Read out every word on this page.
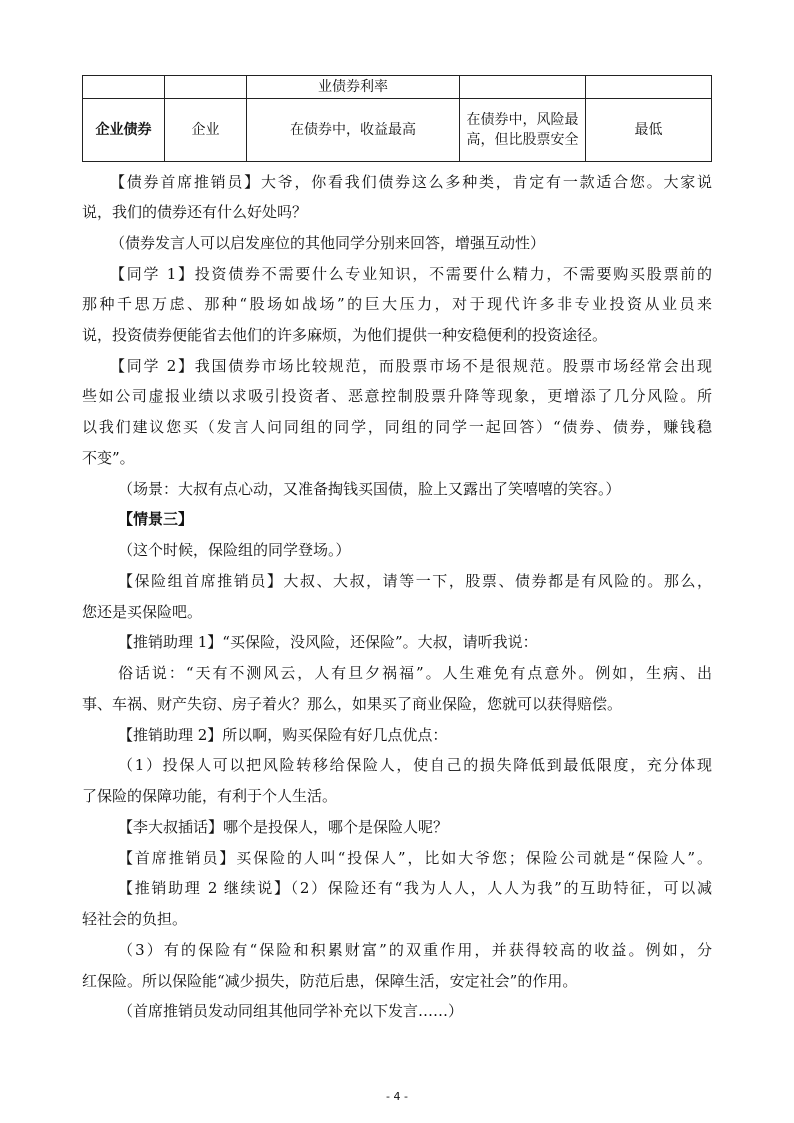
		业债券利率		
企业债券	企业	在债券中，收益最高	在债券中，风险最高，但比股票安全	最低
【债券首席推销员】大爷，你看我们债券这么多种类，肯定有一款适合您。大家说
说，我们的债券还有什么好处吗？
（债券发言人可以启发座位的其他同学分别来回答，增强互动性）
【同学 1】投资债券不需要什么专业知识，不需要什么精力，不需要购买股票前的
那种千思万虑、那种“股场如战场”的巨大压力，对于现代许多非专业投资从业员来
说，投资债券便能省去他们的许多麻烦，为他们提供一种安稳便利的投资途径。
【同学 2】我国债券市场比较规范，而股票市场不是很规范。股票市场经常会出现
些如公司虚报业绩以求吸引投资者、恶意控制股票升降等现象，更增添了几分风险。所
以我们建议您买（发言人问同组的同学，同组的同学一起回答）“债券、债券，赚钱稳
不变”。
（场景：大叔有点心动，又准备掏钱买国债，脸上又露出了笑嘻嘻的笑容。）
【情景三】
（这个时候，保险组的同学登场。）
【保险组首席推销员】大叔、大叔，请等一下，股票、债券都是有风险的。那么，
您还是买保险吧。
【推销助理 1】“买保险，没风险，还保险”。大叔，请听我说：
俗话说：“天有不测风云，人有旦夕祸福”。人生难免有点意外。例如，生病、出
事、车祸、财产失窃、房子着火？那么，如果买了商业保险，您就可以获得赔偿。
【推销助理 2】所以啊，购买保险有好几点优点：
（1）投保人可以把风险转移给保险人，使自己的损失降低到最低限度，充分体现
了保险的保障功能，有利于个人生活。
【李大叔插话】哪个是投保人，哪个是保险人呢？
【首席推销员】买保险的人叫“投保人”，比如大爷您；保险公司就是“保险人”。
【推销助理 2 继续说】（2）保险还有“我为人人，人人为我”的互助特征，可以减
轻社会的负担。
（3）有的保险有“保险和积累财富”的双重作用，并获得较高的收益。例如，分
红保险。所以保险能“减少损失，防范后患，保障生活，安定社会”的作用。
（首席推销员发动同组其他同学补充以下发言……）
- 4 -
